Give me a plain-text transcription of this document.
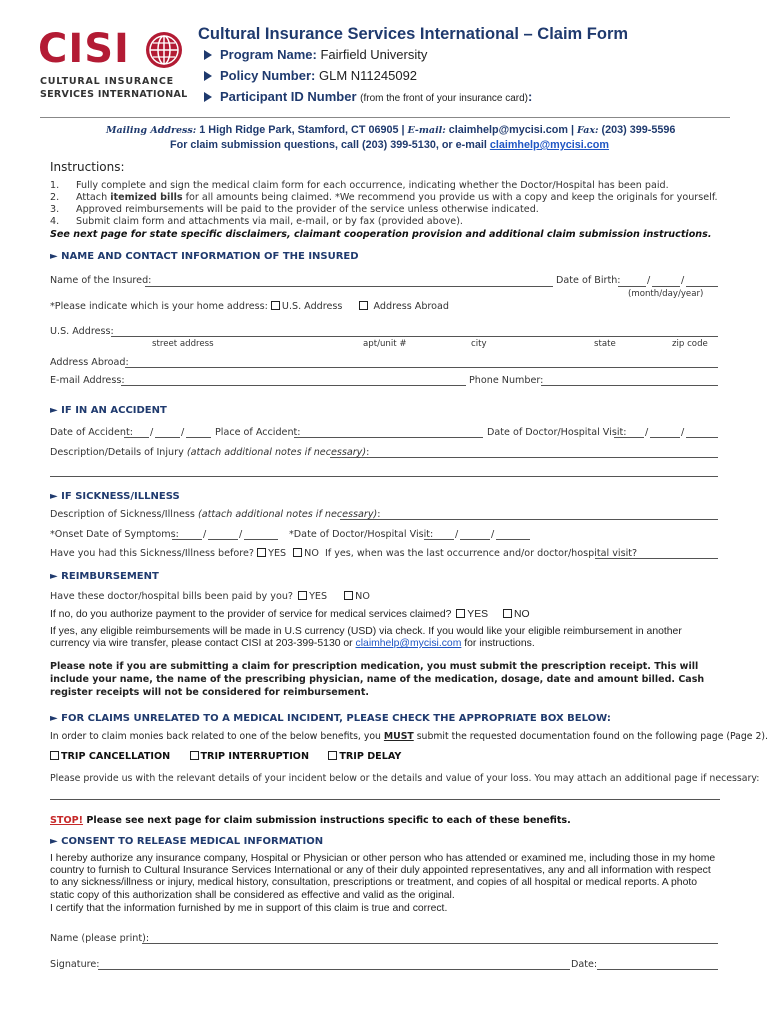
CISI
CULTURAL INSURANCE
SERVICES INTERNATIONAL
Cultural Insurance Services International – Claim Form
Program Name: Fairfield University
Policy Number: GLM N11245092
Participant ID Number (from the front of your insurance card):
Mailing Address: 1 High Ridge Park, Stamford, CT 06905 | E-mail: claimhelp@mycisi.com | Fax: (203) 399-5596
For claim submission questions, call (203) 399-5130, or e-mail claimhelp@mycisi.com
Instructions:
1. Fully complete and sign the medical claim form for each occurrence, indicating whether the Doctor/Hospital has been paid.
2. Attach itemized bills for all amounts being claimed. *We recommend you provide us with a copy and keep the originals for yourself.
3. Approved reimbursements will be paid to the provider of the service unless otherwise indicated.
4. Submit claim form and attachments via mail, e-mail, or by fax (provided above).
See next page for state specific disclaimers, claimant cooperation provision and additional claim submission instructions.
► NAME AND CONTACT INFORMATION OF THE INSURED
Name of the Insured:	Date of Birth:	/	/
(month/day/year)
*Please indicate which is your home address: U.S. Address	Address Abroad
U.S. Address:
street address	apt/unit #	city	state	zip code
Address Abroad:
E-mail Address:	Phone Number:
► IF IN AN ACCIDENT
Date of Accident: /	/	Place of Accident:	Date of Doctor/Hospital Visit: /	/
Description/Details of Injury (attach additional notes if necessary):
► IF SICKNESS/ILLNESS
Description of Sickness/Illness (attach additional notes if necessary):
*Onset Date of Symptoms:	/	/	*Date of Doctor/Hospital Visit: /	/
Have you had this Sickness/Illness before? YES NO If yes, when was the last occurrence and/or doctor/hospital visit?
► REIMBURSEMENT
Have these doctor/hospital bills been paid by you? YES	NO
If no, do you authorize payment to the provider of service for medical services claimed? YES NO
If yes, any eligible reimbursements will be made in U.S currency (USD) via check. If you would like your eligible reimbursement in another currency via wire transfer, please contact CISI at 203-399-5130 or claimhelp@mycisi.com for instructions.
Please note if you are submitting a claim for prescription medication, you must submit the prescription receipt. This will include your name, the name of the prescribing physician, name of the medication, dosage, date and amount billed. Cash register receipts will not be considered for reimbursement.
► FOR CLAIMS UNRELATED TO A MEDICAL INCIDENT, PLEASE CHECK THE APPROPRIATE BOX BELOW:
In order to claim monies back related to one of the below benefits, you MUST submit the requested documentation found on the following page (Page 2).
TRIP CANCELLATION	TRIP INTERRUPTION	TRIP DELAY
Please provide us with the relevant details of your incident below or the details and value of your loss. You may attach an additional page if necessary:
STOP! Please see next page for claim submission instructions specific to each of these benefits.
► CONSENT TO RELEASE MEDICAL INFORMATION
I hereby authorize any insurance company, Hospital or Physician or other person who has attended or examined me, including those in my home country to furnish to Cultural Insurance Services International or any of their duly appointed representatives, any and all information with respect to any sickness/illness or injury, medical history, consultation, prescriptions or treatment, and copies of all hospital or medical reports. A photo static copy of this authorization shall be considered as effective and valid as the original.
I certify that the information furnished by me in support of this claim is true and correct.
Name (please print):
Signature:	Date:
